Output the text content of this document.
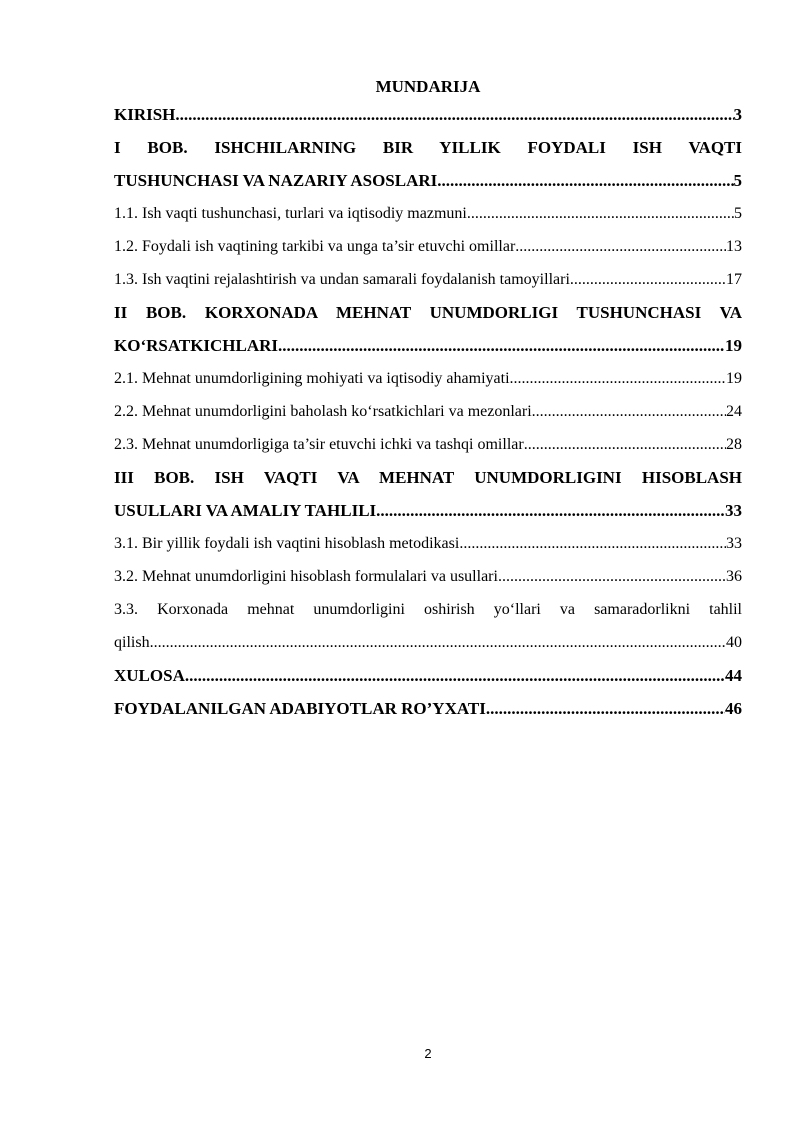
MUNDARIJA
KIRISH .....	3
I BOB. ISHCHILARNING BIR YILLIK FOYDALI ISH VAQTI
TUSHUNCHASI VA NAZARIY ASOSLARI .....	5
1.1. Ish vaqti tushunchasi, turlari va iqtisodiy mazmuni .....	5
1.2. Foydali ish vaqtining tarkibi va unga ta’sir etuvchi omillar .....	13
1.3. Ish vaqtini rejalashtirish va undan samarali foydalanish tamoyillari .....	17
II BOB. KORXONADA MEHNAT UNUMDORLIGI TUSHUNCHASI VA
KO‘RSATKICHLARI .....	19
2.1. Mehnat unumdorligining mohiyati va iqtisodiy ahamiyati .....	19
2.2. Mehnat unumdorligini baholash ko‘rsatkichlari va mezonlari .....	24
2.3. Mehnat unumdorligiga ta’sir etuvchi ichki va tashqi omillar .....	28
III BOB. ISH VAQTI VA MEHNAT UNUMDORLIGINI HISOBLASH
USULLARI VA AMALIY TAHLILI .....	33
3.1. Bir yillik foydali ish vaqtini hisoblash metodikasi .....	33
3.2. Mehnat unumdorligini hisoblash formulalari va usullari .....	36
3.3. Korxonada mehnat unumdorligini oshirish yo‘llari va samaradorlikni tahlil
qilish .....	40
XULOSA .....	44
FOYDALANILGAN ADABIYOTLAR RO’YXATI .....	46
2
